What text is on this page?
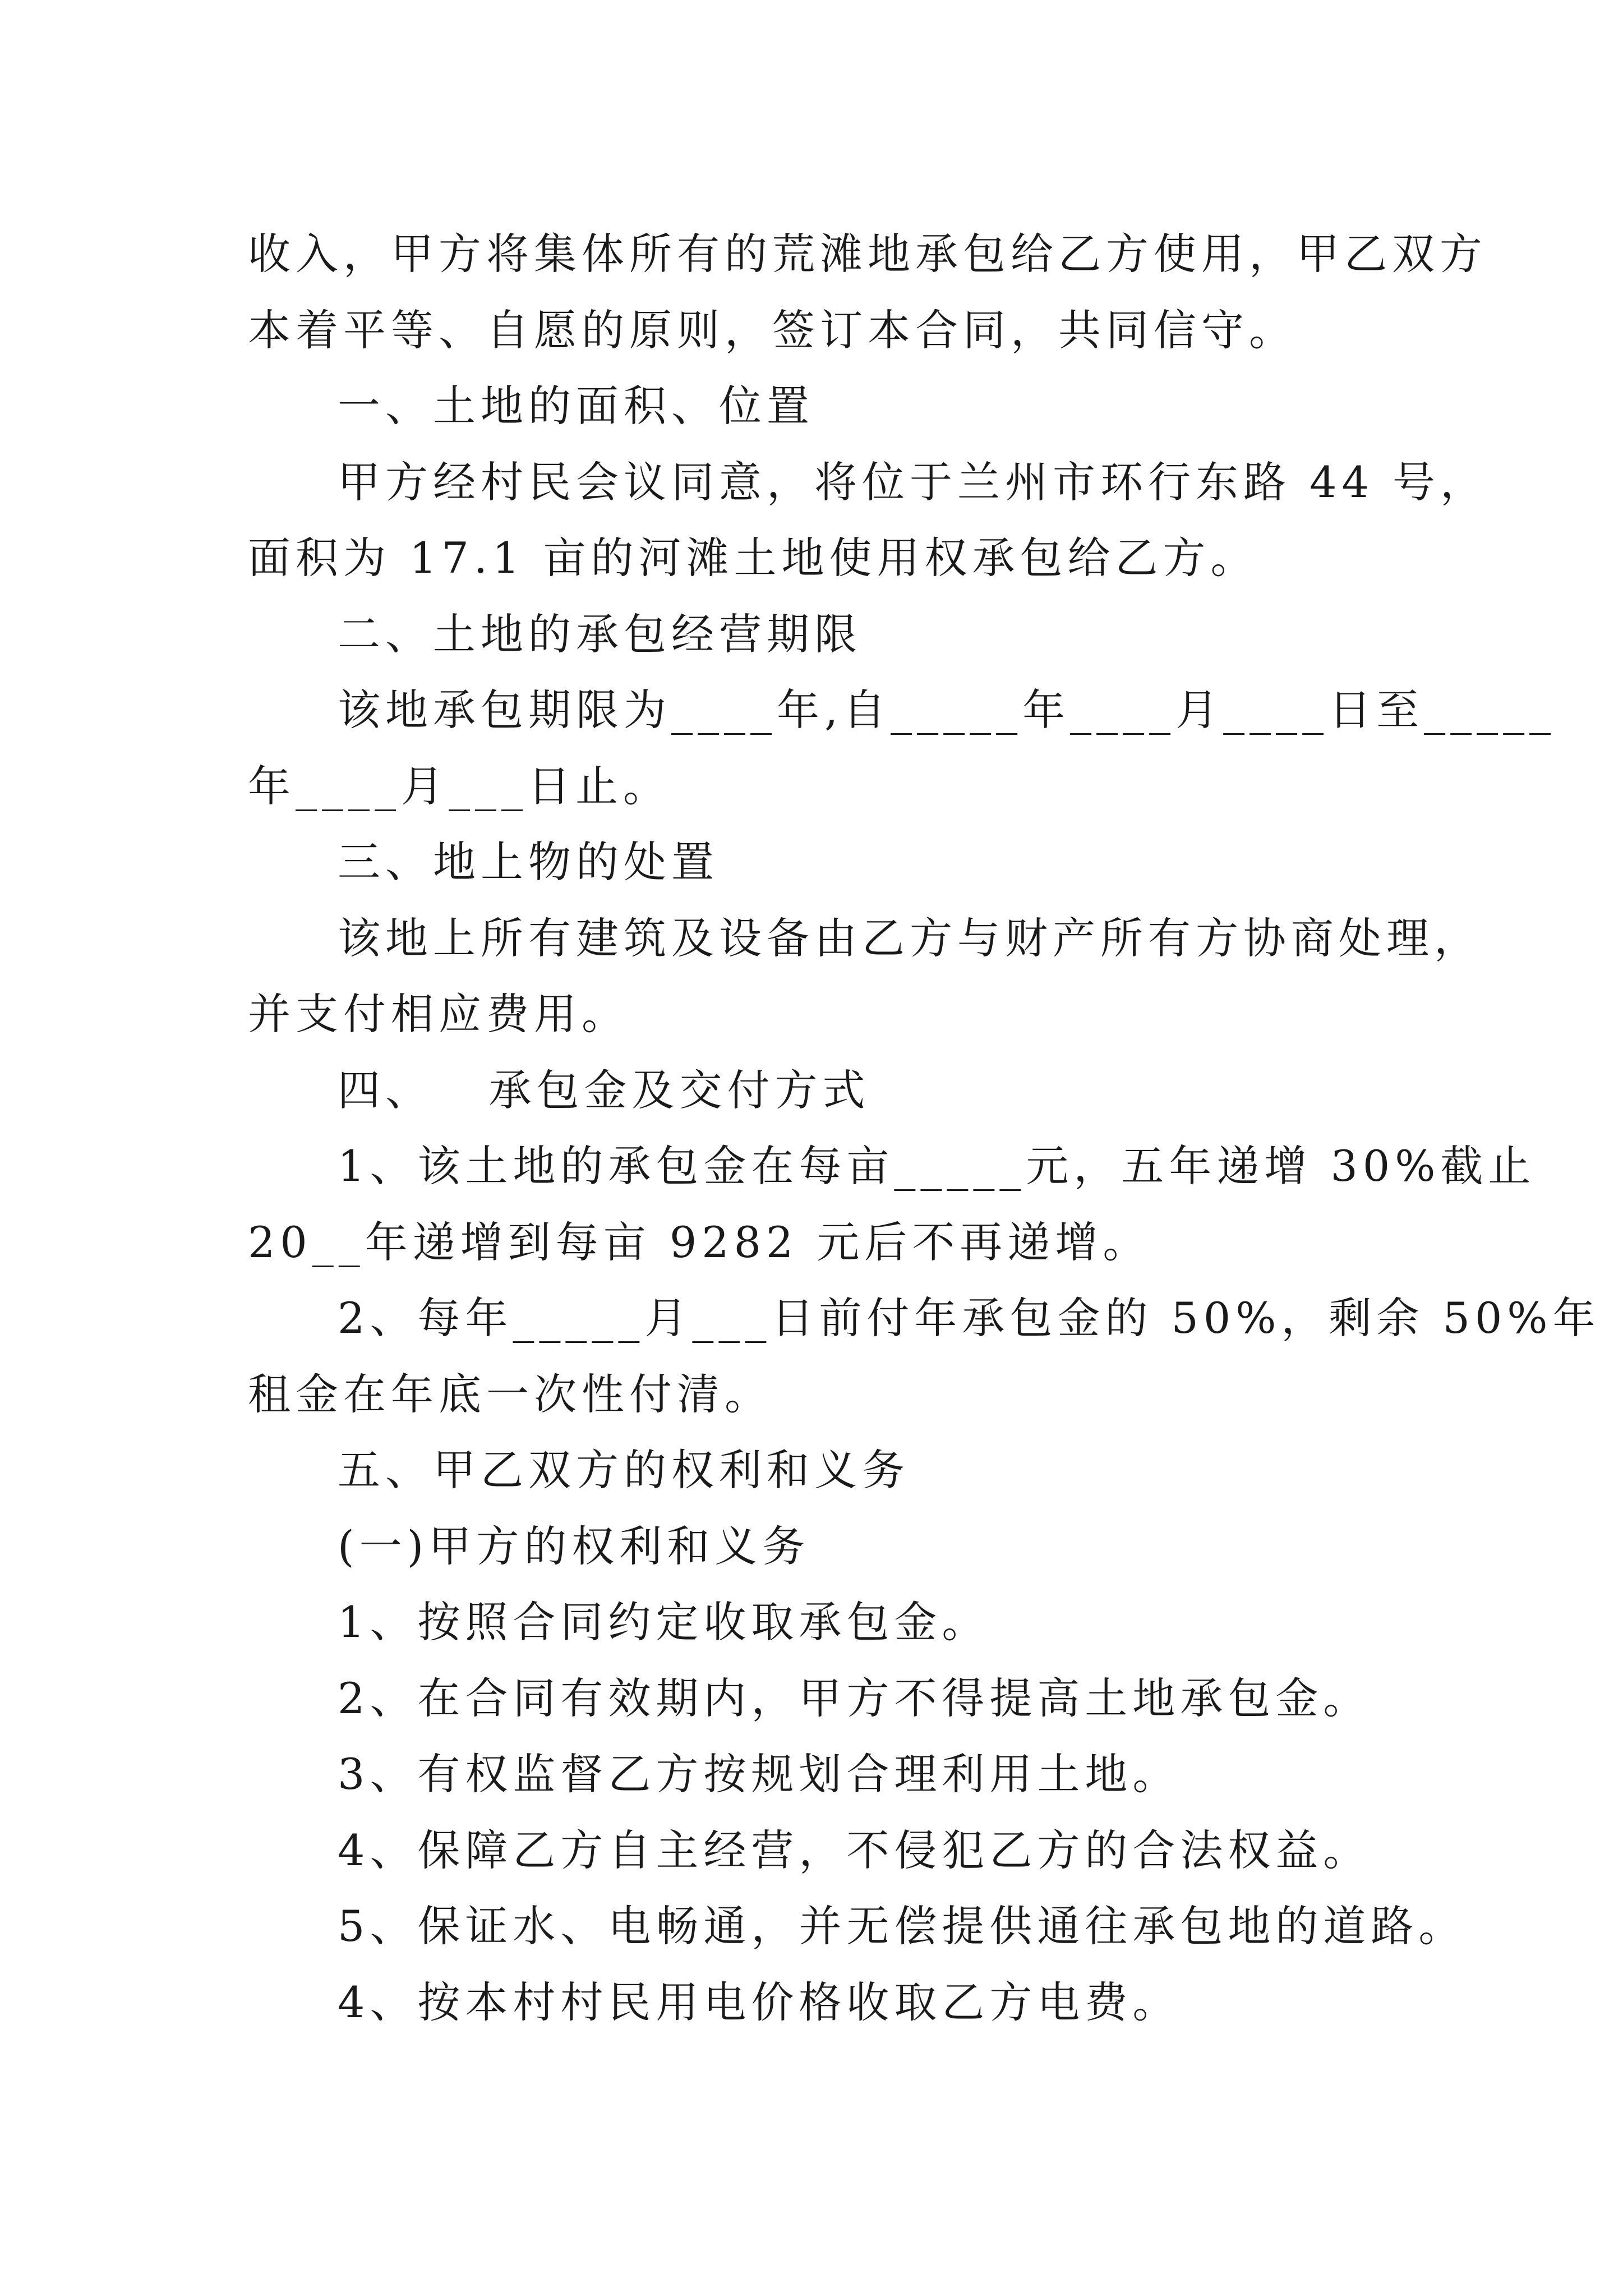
收入，甲方将集体所有的荒滩地承包给乙方使用，甲乙双方
本着平等、自愿的原则，签订本合同，共同信守。
一、土地的面积、位置
甲方经村民会议同意，将位于兰州市环行东路 44 号，
面积为 17.1 亩的河滩土地使用权承包给乙方。
二、土地的承包经营期限
该地承包期限为____年,自_____年____月____日至_____
年____月___日止。
三、地上物的处置
该地上所有建筑及设备由乙方与财产所有方协商处理，
并支付相应费用。
四、   承包金及交付方式
1、该土地的承包金在每亩_____元，五年递增 30%截止
20__年递增到每亩 9282 元后不再递增。
2、每年_____月___日前付年承包金的 50%，剩余 50%年
租金在年底一次性付清。
五、甲乙双方的权利和义务
(一)甲方的权利和义务
1、按照合同约定收取承包金。
2、在合同有效期内，甲方不得提高土地承包金。
3、有权监督乙方按规划合理利用土地。
4、保障乙方自主经营，不侵犯乙方的合法权益。
5、保证水、电畅通，并无偿提供通往承包地的道路。
4、按本村村民用电价格收取乙方电费。
